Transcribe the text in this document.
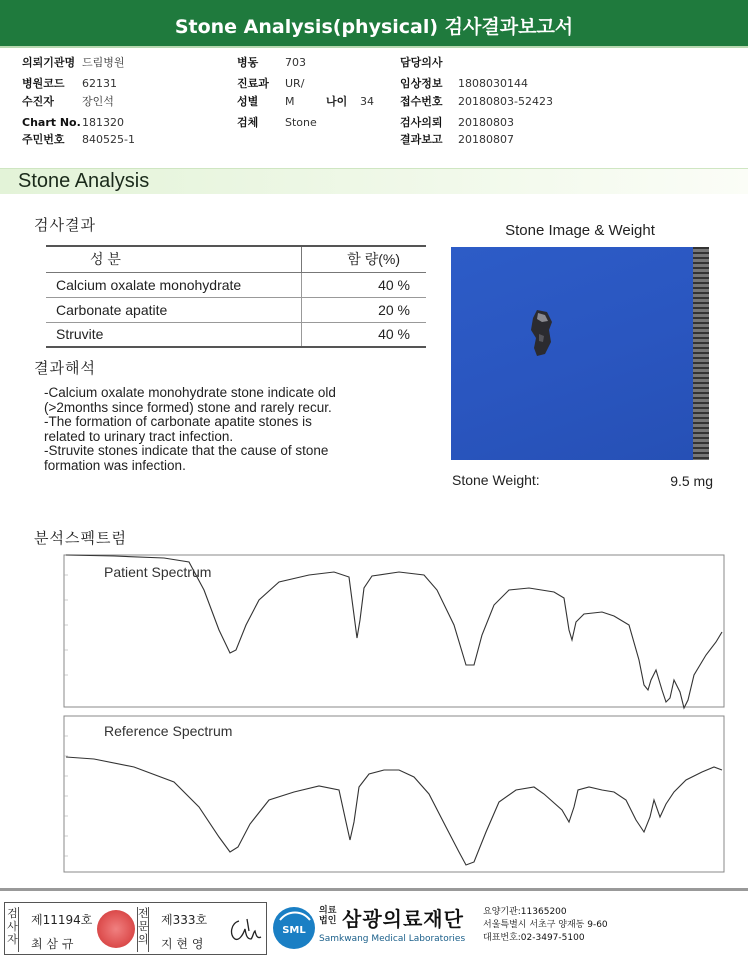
Stone Analysis(physical) 검사결과보고서
의뢰기관명 드림병원
병원코드 62131
수진자	장인석
Chart No. 181320
주민번호 840525-1
병동 703
진료과 UR/
성별 M	나이 34
검체 Stone
담당의사
임상정보 1808030144
접수번호 20180803-52423
검사의뢰 20180803
결과보고 20180807
Stone Analysis
검사결과
성 분	함 량(%)
Calcium oxalate monohydrate	40 %
Carbonate apatite	20 %
Struvite	40 %
결과해석
-Calcium oxalate monohydrate stone indicate old
(>2months since formed) stone and rarely recur.
-The formation of carbonate apatite stones is
related to urinary tract infection.
-Struvite stones indicate that the cause of stone
formation was infection.
Stone Image & Weight
Stone Weight:	9.5 mg
분석스펙트럼
Patient Spectrum
Reference Spectrum
검사자
제11194호
최 삼 규
전문의
제333호
지 현 영
SML
의료법인 삼광의료재단
Samkwang Medical Laboratories
요양기관:11365200
서울특별시 서초구 양재동 9-60
대표번호:02-3497-5100
